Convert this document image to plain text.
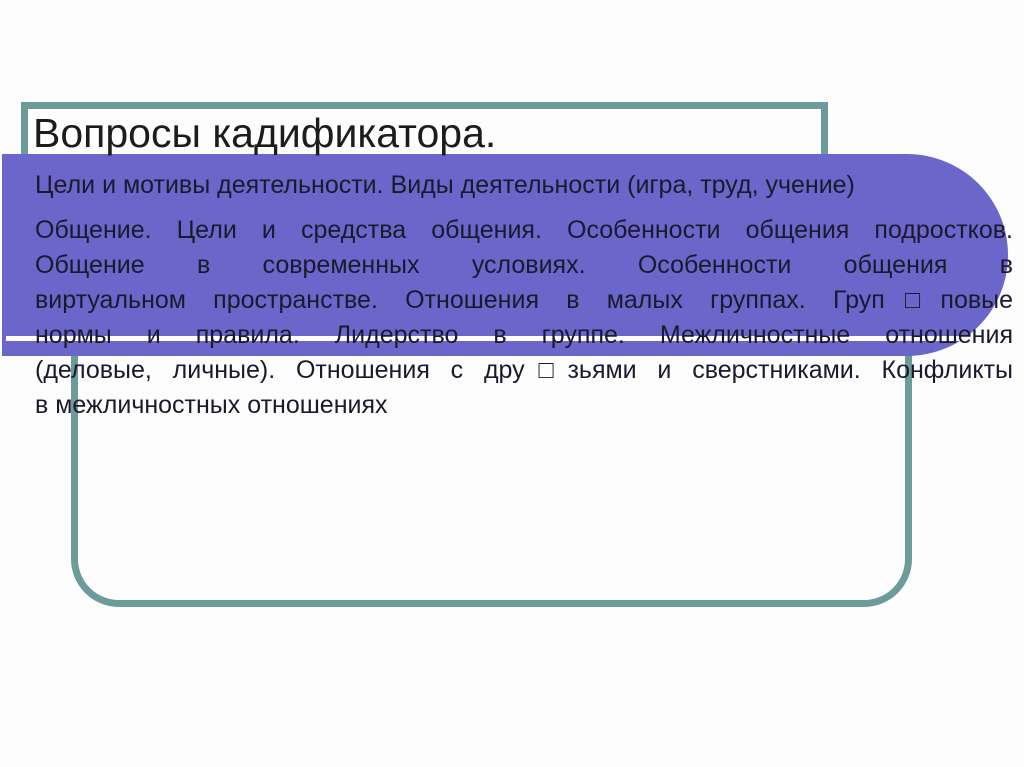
Вопросы кадификатора.

Цели и мотивы деятельности. Виды деятельности (игра, труд, учение)

Общение. Цели и средства общения. Особенности общения подростков.
Общение в современных условиях. Особенности общения в
виртуальном пространстве. Отношения в малых группах. Груп□повые
нормы и правила. Лидерство в группе. Межличностные отношения
(деловые, личные). Отношения с дру□зьями и сверстниками. Конфликты
в межличностных отношениях
